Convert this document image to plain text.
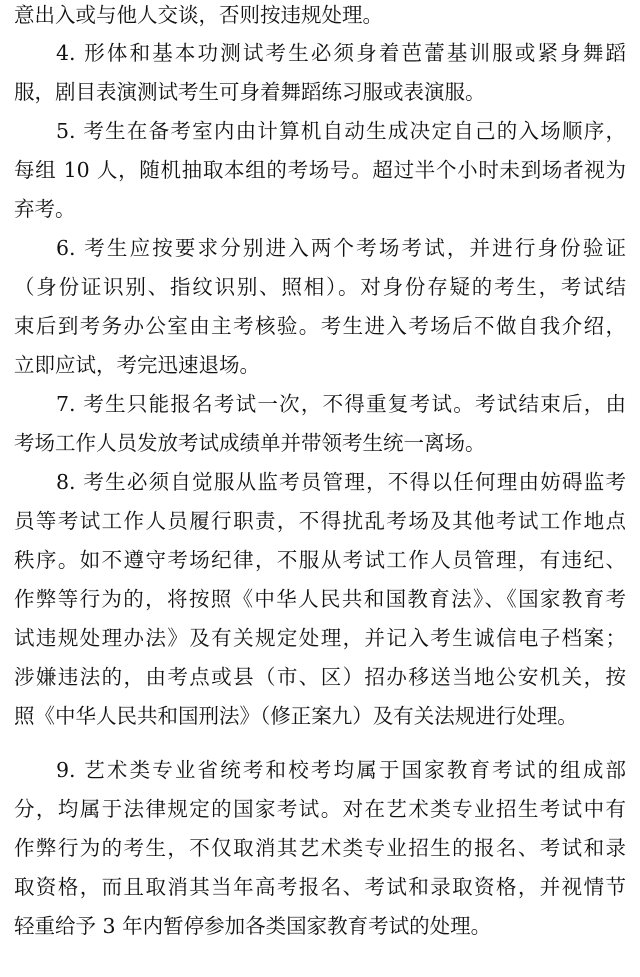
意出入或与他人交谈，否则按违规处理。
4. 形体和基本功测试考生必须身着芭蕾基训服或紧身舞蹈
服，剧目表演测试考生可身着舞蹈练习服或表演服。
5. 考生在备考室内由计算机自动生成决定自己的入场顺序，
每组 10 人，随机抽取本组的考场号。超过半个小时未到场者视为
弃考。
6. 考生应按要求分别进入两个考场考试，并进行身份验证
（身份证识别、指纹识别、照相）。对身份存疑的考生，考试结
束后到考务办公室由主考核验。考生进入考场后不做自我介绍，
立即应试，考完迅速退场。
7. 考生只能报名考试一次，不得重复考试。考试结束后，由
考场工作人员发放考试成绩单并带领考生统一离场。
8. 考生必须自觉服从监考员管理，不得以任何理由妨碍监考
员等考试工作人员履行职责，不得扰乱考场及其他考试工作地点
秩序。如不遵守考场纪律，不服从考试工作人员管理，有违纪、
作弊等行为的，将按照《中华人民共和国教育法》、《国家教育考
试违规处理办法》及有关规定处理，并记入考生诚信电子档案；
涉嫌违法的，由考点或县（市、区）招办移送当地公安机关，按
照《中华人民共和国刑法》（修正案九）及有关法规进行处理。
9. 艺术类专业省统考和校考均属于国家教育考试的组成部
分，均属于法律规定的国家考试。对在艺术类专业招生考试中有
作弊行为的考生，不仅取消其艺术类专业招生的报名、考试和录
取资格，而且取消其当年高考报名、考试和录取资格，并视情节
轻重给予 3 年内暂停参加各类国家教育考试的处理。
